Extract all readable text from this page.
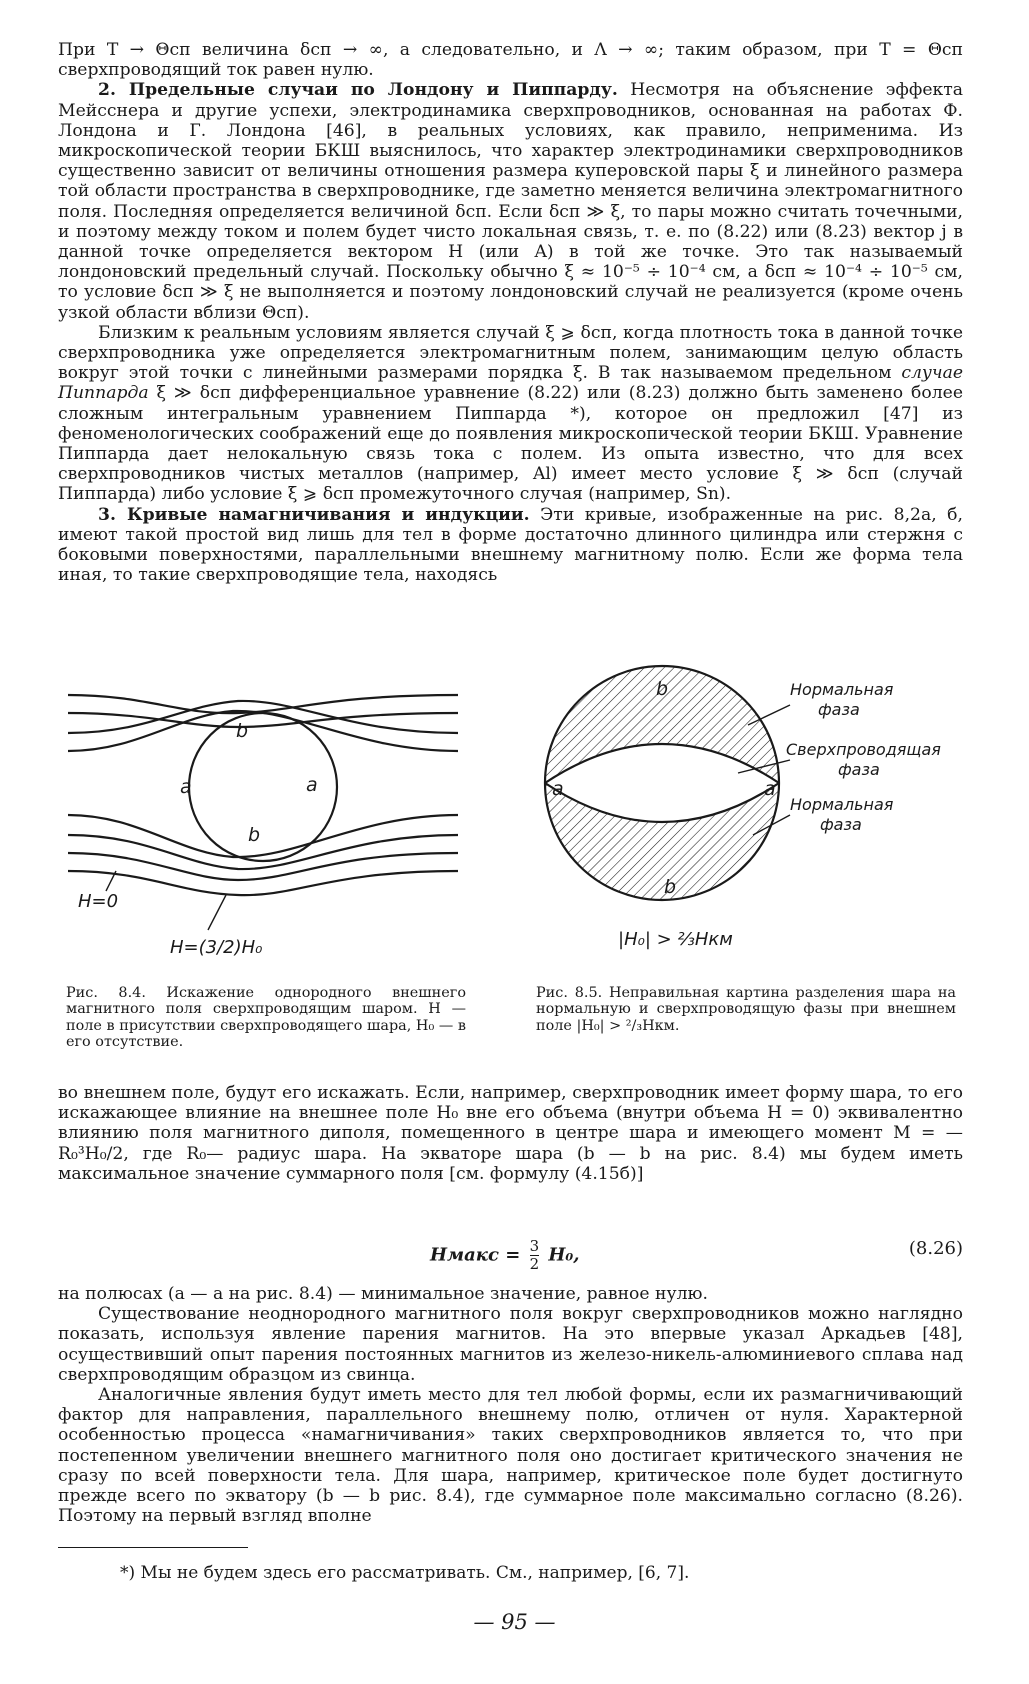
При T → Θсп величина δсп → ∞, а следовательно, и Λ → ∞; таким образом, при T = Θсп сверхпроводящий ток равен нулю.

2. Предельные случаи по Лондону и Пиппарду. Несмотря на объяснение эффекта Мейсснера и другие успехи, электродинамика сверхпроводников, основанная на работах Ф. Лондона и Г. Лондона [46], в реальных условиях, как правило, неприменима. Из микроскопической теории БКШ выяснилось, что характер электродинамики сверхпроводников существенно зависит от величины отношения размера куперовской пары ξ и линейного размера той области пространства в сверхпроводнике, где заметно меняется величина электромагнитного поля. Последняя определяется величиной δсп. Если δсп ≫ ξ, то пары можно считать точечными, и поэтому между током и полем будет чисто локальная связь, т. е. по (8.22) или (8.23) вектор j в данной точке определяется вектором H (или A) в той же точке. Это так называемый лондоновский предельный случай. Поскольку обычно ξ ≈ 10⁻⁵ ÷ 10⁻⁴ см, а δсп ≈ 10⁻⁴ ÷ 10⁻⁵ см, то условие δсп ≫ ξ не выполняется и поэтому лондоновский случай не реализуется (кроме очень узкой области вблизи Θсп).

Близким к реальным условиям является случай ξ ⩾ δсп, когда плотность тока в данной точке сверхпроводника уже определяется электромагнитным полем, занимающим целую область вокруг этой точки с линейными размерами порядка ξ. В так называемом предельном случае Пиппарда ξ ≫ δсп дифференциальное уравнение (8.22) или (8.23) должно быть заменено более сложным интегральным уравнением Пиппарда *), которое он предложил [47] из феноменологических соображений еще до появления микроскопической теории БКШ. Уравнение Пиппарда дает нелокальную связь тока с полем. Из опыта известно, что для всех сверхпроводников чистых металлов (например, Al) имеет место условие ξ ≫ δсп (случай Пиппарда) либо условие ξ ⩾ δсп промежуточного случая (например, Sn).

3. Кривые намагничивания и индукции. Эти кривые, изображенные на рис. 8,2а, б, имеют такой простой вид лишь для тел в форме достаточно длинного цилиндра или стержня с боковыми поверхностями, параллельными внешнему магнитному полю. Если же форма тела иная, то такие сверхпроводящие тела, находясь

b
a	a
b
H=0
H=(3/2)H₀

Рис. 8.4. Искажение однородного внешнего магнитного поля сверхпроводящим шаром. H — поле в присутствии сверхпроводящего шара, H₀ — в его отсутствие.

b
a	a
b
Нормальная фаза
Сверхпроводящая фаза
Нормальная фаза
|H₀| > ⅔Hкм

Рис. 8.5. Неправильная картина разделения шара на нормальную и сверхпроводящую фазы при внешнем поле |H₀| > ²/₃Hкм.

во внешнем поле, будут его искажать. Если, например, сверхпроводник имеет форму шара, то его искажающее влияние на внешнее поле H₀ вне его объема (внутри объема H = 0) эквивалентно влиянию поля магнитного диполя, помещенного в центре шара и имеющего момент M = — R₀³H₀/2, где R₀— радиус шара. На экваторе шара (b — b на рис. 8.4) мы будем иметь максимальное значение суммарного поля [см. формулу (4.15б)]

Hмакс = $\frac{3}{2} H_0$,	(8.26)

на полюсах (a — a на рис. 8.4) — минимальное значение, равное нулю.

Существование неоднородного магнитного поля вокруг сверхпроводников можно наглядно показать, используя явление парения магнитов. На это впервые указал Аркадьев [48], осуществивший опыт парения постоянных магнитов из железо-никель-алюминиевого сплава над сверхпроводящим образцом из свинца.

Аналогичные явления будут иметь место для тел любой формы, если их размагничивающий фактор для направления, параллельного внешнему полю, отличен от нуля. Характерной особенностью процесса «намагничивания» таких сверхпроводников является то, что при постепенном увеличении внешнего магнитного поля оно достигает критического значения не сразу по всей поверхности тела. Для шара, например, критическое поле будет достигнуто прежде всего по экватору (b — b рис. 8.4), где суммарное поле максимально согласно (8.26). Поэтому на первый взгляд вполне

*) Мы не будем здесь его рассматривать. См., например, [6, 7].
— 95 —
